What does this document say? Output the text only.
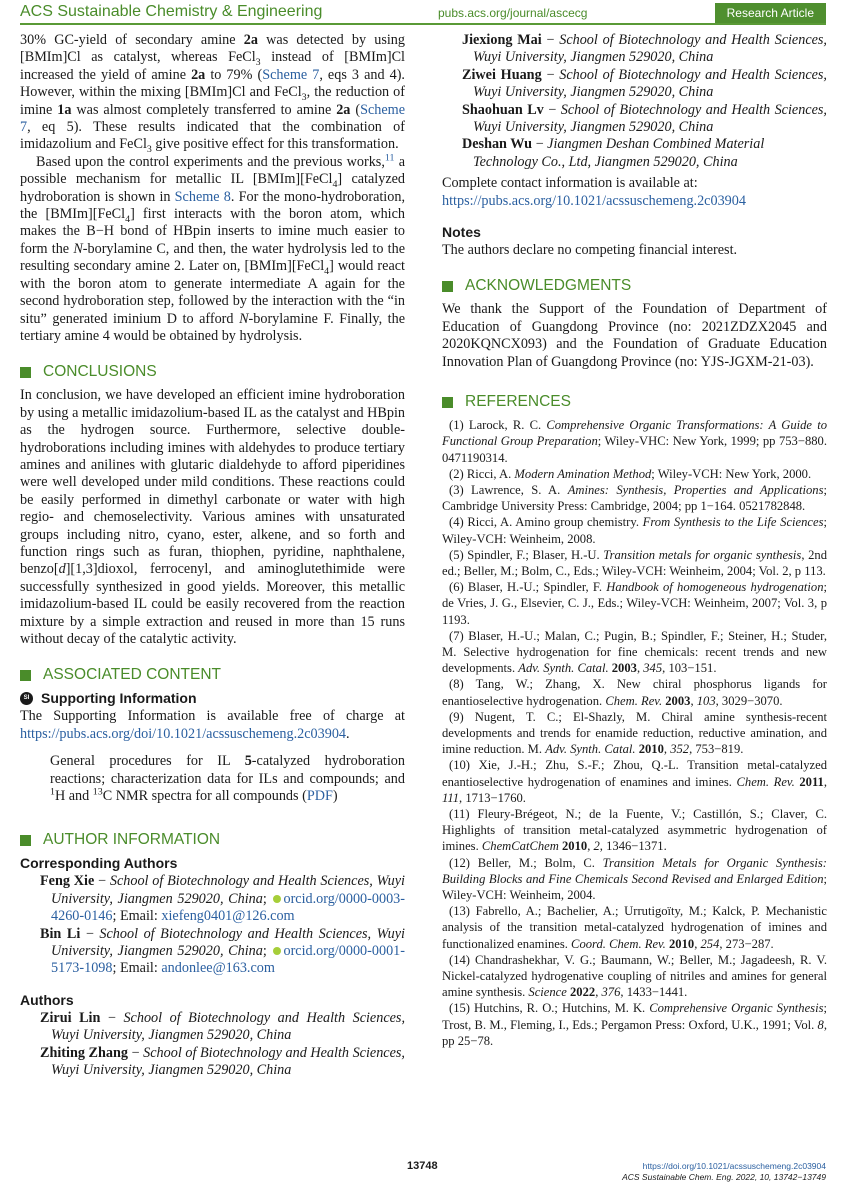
ACS Sustainable Chemistry & Engineering	pubs.acs.org/journal/ascecg	Research Article

30% GC-yield of secondary amine 2a was detected by using [BMIm]Cl as catalyst, whereas FeCl$_3$ instead of [BMIm]Cl increased the yield of amine 2a to 79% (Scheme 7, eqs 3 and 4). However, within the mixing [BMIm]Cl and FeCl$_3$, the reduction of imine 1a was almost completely transferred to amine 2a (Scheme 7, eq 5). These results indicated that the combination of imidazolium and FeCl$_3$ give positive effect for this transformation.

Based upon the control experiments and the previous works,$^{11}$ a possible mechanism for metallic IL [BMIm][FeCl$_4$] catalyzed hydroboration is shown in Scheme 8. For the mono-hydroboration, the [BMIm][FeCl$_4$] first interacts with the boron atom, which makes the B−H bond of HBpin inserts to imine much easier to form the N-borylamine C, and then, the water hydrolysis led to the resulting secondary amine 2. Later on, [BMIm][FeCl$_4$] would react with the boron atom to generate intermediate A again for the second hydroboration step, followed by the interaction with the “in situ” generated iminium D to afford N-borylamine F. Finally, the tertiary amine 4 would be obtained by hydrolysis.

CONCLUSIONS

In conclusion, we have developed an efficient imine hydroboration by using a metallic imidazolium-based IL as the catalyst and HBpin as the hydrogen source. Furthermore, selective double-hydroborations including imines with aldehydes to produce tertiary amines and anilines with glutaric dialdehyde to afford piperidines were well developed under mild conditions. These reactions could be easily performed in dimethyl carbonate or water with high regio- and chemoselectivity. Various amines with unsaturated groups including nitro, cyano, ester, alkene, and so forth and function rings such as furan, thiophen, pyridine, naphthalene, benzo[d][1,3]dioxol, ferrocenyl, and aminoglutethimide were successfully synthesized in good yields. Moreover, this metallic imidazolium-based IL could be easily recovered from the reaction mixture by a simple extraction and reused in more than 15 runs without decay of the catalytic activity.

ASSOCIATED CONTENT
SI Supporting Information

The Supporting Information is available free of charge at https://pubs.acs.org/doi/10.1021/acssuschemeng.2c03904.

General procedures for IL 5-catalyzed hydroboration reactions; characterization data for ILs and compounds; and $^1$H and $^{13}$C NMR spectra for all compounds (PDF)

AUTHOR INFORMATION
Corresponding Authors
Feng Xie − School of Biotechnology and Health Sciences, Wuyi University, Jiangmen 529020, China; orcid.org/0000-0003-4260-0146; Email: xiefeng0401@126.com
Bin Li − School of Biotechnology and Health Sciences, Wuyi University, Jiangmen 529020, China; orcid.org/0000-0001-5173-1098; Email: andonlee@163.com
Authors
Zirui Lin − School of Biotechnology and Health Sciences, Wuyi University, Jiangmen 529020, China
Zhiting Zhang − School of Biotechnology and Health Sciences, Wuyi University, Jiangmen 529020, China
Jiexiong Mai − School of Biotechnology and Health Sciences, Wuyi University, Jiangmen 529020, China
Ziwei Huang − School of Biotechnology and Health Sciences, Wuyi University, Jiangmen 529020, China
Shaohuan Lv − School of Biotechnology and Health Sciences, Wuyi University, Jiangmen 529020, China
Deshan Wu − Jiangmen Deshan Combined Material Technology Co., Ltd, Jiangmen 529020, China

Complete contact information is available at:
https://pubs.acs.org/10.1021/acssuschemeng.2c03904

Notes

The authors declare no competing financial interest.

ACKNOWLEDGMENTS

We thank the Support of the Foundation of Department of Education of Guangdong Province (no: 2021ZDZX2045 and 2020KQNCX093) and the Foundation of Graduate Education Innovation Plan of Guangdong Province (no: YJS-JGXM-21-03).

REFERENCES

(1) Larock, R. C. Comprehensive Organic Transformations: A Guide to Functional Group Preparation; Wiley-VHC: New York, 1999; pp 753−880. 0471190314.

(2) Ricci, A. Modern Amination Method; Wiley-VCH: New York, 2000.

(3) Lawrence, S. A. Amines: Synthesis, Properties and Applications; Cambridge University Press: Cambridge, 2004; pp 1−164. 0521782848.

(4) Ricci, A. Amino group chemistry. From Synthesis to the Life Sciences; Wiley-VCH: Weinheim, 2008.

(5) Spindler, F.; Blaser, H.-U. Transition metals for organic synthesis, 2nd ed.; Beller, M.; Bolm, C., Eds.; Wiley-VCH: Weinheim, 2004; Vol. 2, p 113.

(6) Blaser, H.-U.; Spindler, F. Handbook of homogeneous hydrogenation; de Vries, J. G., Elsevier, C. J., Eds.; Wiley-VCH: Weinheim, 2007; Vol. 3, p 1193.

(7) Blaser, H.-U.; Malan, C.; Pugin, B.; Spindler, F.; Steiner, H.; Studer, M. Selective hydrogenation for fine chemicals: recent trends and new developments. Adv. Synth. Catal. 2003, 345, 103−151.

(8) Tang, W.; Zhang, X. New chiral phosphorus ligands for enantioselective hydrogenation. Chem. Rev. 2003, 103, 3029−3070.

(9) Nugent, T. C.; El-Shazly, M. Chiral amine synthesis-recent developments and trends for enamide reduction, reductive amination, and imine reduction. M. Adv. Synth. Catal. 2010, 352, 753−819.

(10) Xie, J.-H.; Zhu, S.-F.; Zhou, Q.-L. Transition metal-catalyzed enantioselective hydrogenation of enamines and imines. Chem. Rev. 2011, 111, 1713−1760.

(11) Fleury-Brégeot, N.; de la Fuente, V.; Castillón, S.; Claver, C. Highlights of transition metal-catalyzed asymmetric hydrogenation of imines. ChemCatChem 2010, 2, 1346−1371.

(12) Beller, M.; Bolm, C. Transition Metals for Organic Synthesis: Building Blocks and Fine Chemicals Second Revised and Enlarged Edition; Wiley-VCH: Weinheim, 2004.

(13) Fabrello, A.; Bachelier, A.; Urrutigoïty, M.; Kalck, P. Mechanistic analysis of the transition metal-catalyzed hydrogenation of imines and functionalized enamines. Coord. Chem. Rev. 2010, 254, 273−287.

(14) Chandrashekhar, V. G.; Baumann, W.; Beller, M.; Jagadeesh, R. V. Nickel-catalyzed hydrogenative coupling of nitriles and amines for general amine synthesis. Science 2022, 376, 1433−1441.

(15) Hutchins, R. O.; Hutchins, M. K. Comprehensive Organic Synthesis; Trost, B. M., Fleming, I., Eds.; Pergamon Press: Oxford, U.K., 1991; Vol. 8, pp 25−78.

13748	https://doi.org/10.1021/acssuschemeng.2c03904
ACS Sustainable Chem. Eng. 2022, 10, 13742−13749
